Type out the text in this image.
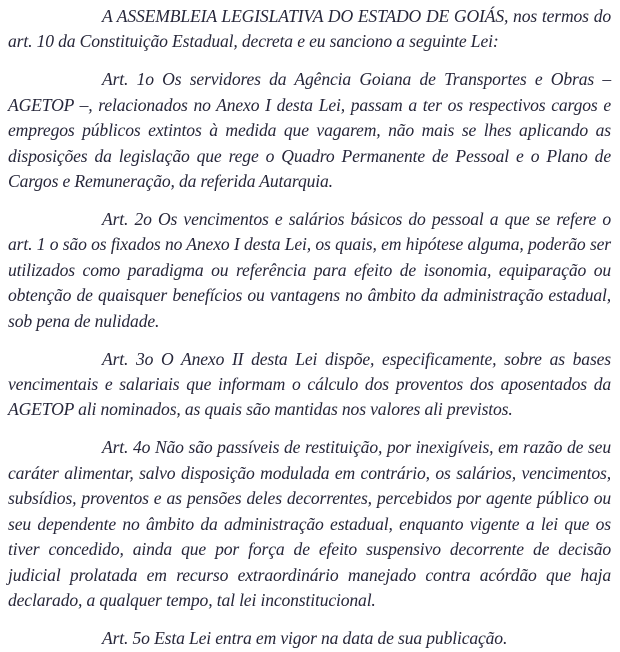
A ASSEMBLEIA LEGISLATIVA DO ESTADO DE GOIÁS, nos termos do art. 10 da Constituição Estadual, decreta e eu sanciono a seguinte Lei:

Art. 1o Os servidores da Agência Goiana de Transportes e Obras – AGETOP –, relacionados no Anexo I desta Lei, passam a ter os respectivos cargos e empregos públicos extintos à medida que vagarem, não mais se lhes aplicando as disposições da legislação que rege o Quadro Permanente de Pessoal e o Plano de Cargos e Remuneração, da referida Autarquia.

Art. 2o Os vencimentos e salários básicos do pessoal a que se refere o art. 1 o são os fixados no Anexo I desta Lei, os quais, em hipótese alguma, poderão ser utilizados como paradigma ou referência para efeito de isonomia, equiparação ou obtenção de quaisquer benefícios ou vantagens no âmbito da administração estadual, sob pena de nulidade.

Art. 3o O Anexo II desta Lei dispõe, especificamente, sobre as bases vencimentais e salariais que informam o cálculo dos proventos dos aposentados da AGETOP ali nominados, as quais são mantidas nos valores ali previstos.

Art. 4o Não são passíveis de restituição, por inexigíveis, em razão de seu caráter alimentar, salvo disposição modulada em contrário, os salários, vencimentos, subsídios, proventos e as pensões deles decorrentes, percebidos por agente público ou seu dependente no âmbito da administração estadual, enquanto vigente a lei que os tiver concedido, ainda que por força de efeito suspensivo decorrente de decisão judicial prolatada em recurso extraordinário manejado contra acórdão que haja declarado, a qualquer tempo, tal lei inconstitucional.

Art. 5o Esta Lei entra em vigor na data de sua publicação.
